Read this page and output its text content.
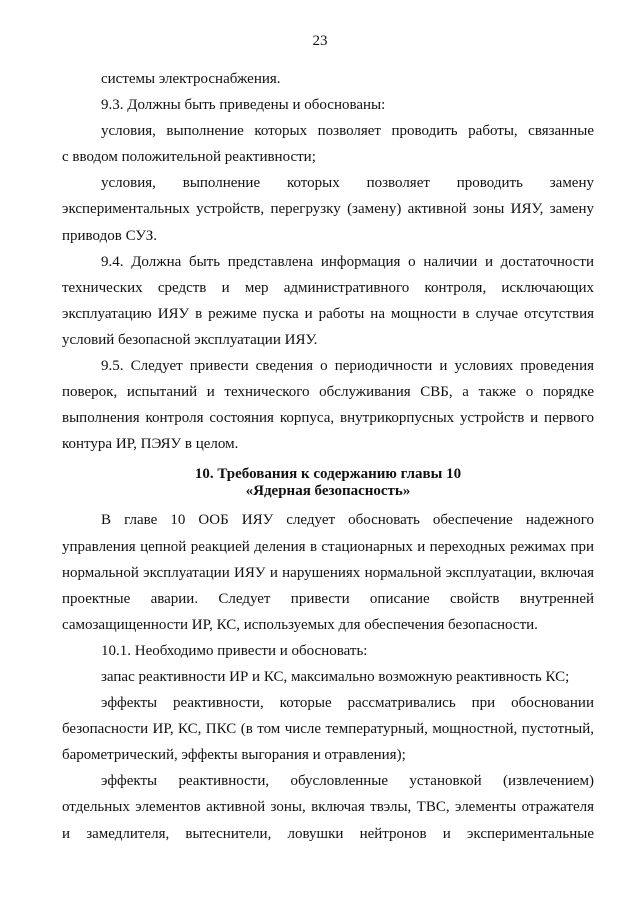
23
системы электроснабжения.
9.3. Должны быть приведены и обоснованы:
условия, выполнение которых позволяет проводить работы, связанные
с вводом положительной реактивности;
условия, выполнение которых позволяет проводить замену
экспериментальных устройств, перегрузку (замену) активной зоны ИЯУ, замену
приводов СУЗ.
9.4. Должна быть представлена информация о наличии и достаточности
технических средств и мер административного контроля, исключающих
эксплуатацию ИЯУ в режиме пуска и работы на мощности в случае отсутствия
условий безопасной эксплуатации ИЯУ.
9.5. Следует привести сведения о периодичности и условиях проведения
поверок, испытаний и технического обслуживания СВБ, а также о порядке
выполнения контроля состояния корпуса, внутрикорпусных устройств и первого
контура ИР, ПЭЯУ в целом.
10. Требования к содержанию главы 10
«Ядерная безопасность»
В главе 10 ООБ ИЯУ следует обосновать обеспечение надежного
управления цепной реакцией деления в стационарных и переходных режимах при
нормальной эксплуатации ИЯУ и нарушениях нормальной эксплуатации, включая
проектные аварии. Следует привести описание свойств внутренней
самозащищенности ИР, КС, используемых для обеспечения безопасности.
10.1. Необходимо привести и обосновать:
запас реактивности ИР и КС, максимально возможную реактивность КС;
эффекты реактивности, которые рассматривались при обосновании
безопасности ИР, КС, ПКС (в том числе температурный, мощностной, пустотный,
барометрический, эффекты выгорания и отравления);
эффекты реактивности, обусловленные установкой (извлечением)
отдельных элементов активной зоны, включая твэлы, ТВС, элементы отражателя
и замедлителя, вытеснители, ловушки нейтронов и экспериментальные
